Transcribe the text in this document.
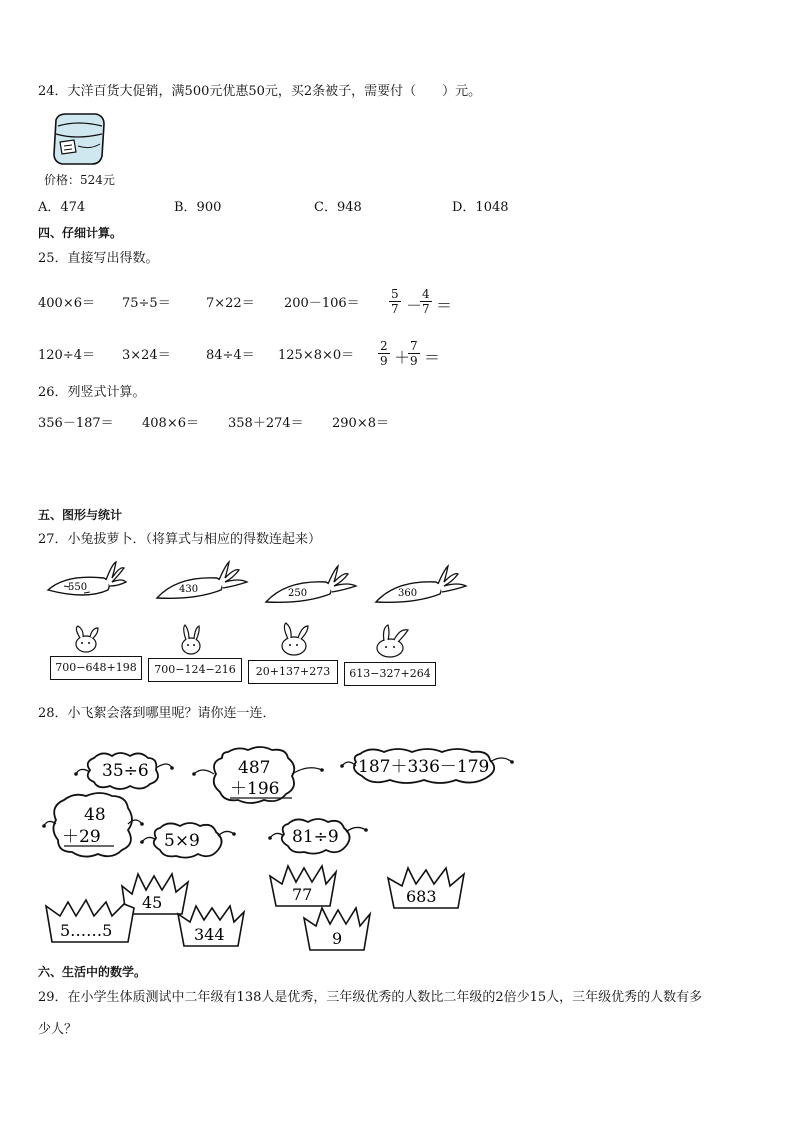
24．大洋百货大促销，满500元优惠50元，买2条被子，需要付（　　）元。
价格：524元
A．474	B．900	C．948	D．1048
四、仔细计算。
25．直接写出得数。
400×6＝ 75÷5＝	$7\times 22= 200-106= \frac{5}{7}$ －
$\frac{4}{7}$ ＝
120÷4＝ 3×24＝	$84\div 4= 125\times 8\times 0= \frac{2}{9}$ ＋
$\frac{7}{9}$ ＝
26．列竖式计算。
356－187＝ 408×6＝ 358＋274＝ 290×8＝
五、图形与统计
27．小兔拔萝卜．（将算式与相应的得数连起来）
550	430	250	360
700−648+198	700−124−216	20+137+273	613−327+264
28．小飞絮会落到哪里呢？请你连一连．
35÷6	487
＋196
187＋336－179
48
＋29	5×9	81÷9
45	77	683
5……5	344	9
六、生活中的数学。
29．在小学生体质测试中二年级有138人是优秀，三年级优秀的人数比二年级的2倍少15人，三年级优秀的人数有多
少人？
